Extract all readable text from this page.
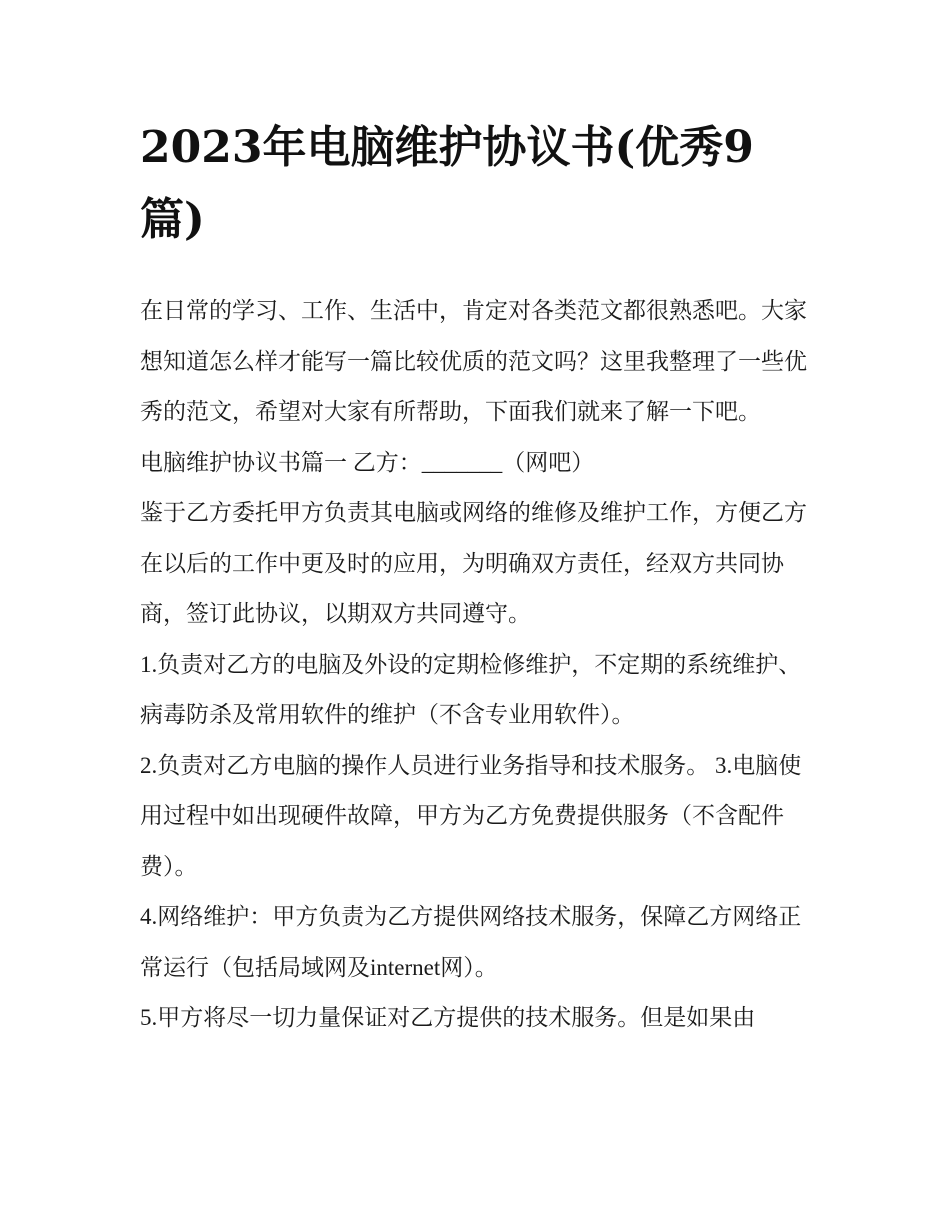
2023年电脑维护协议书(优秀9篇)

在日常的学习、工作、生活中，肯定对各类范文都很熟悉吧。大家想知道怎么样才能写一篇比较优质的范文吗？这里我整理了一些优秀的范文，希望对大家有所帮助，下面我们就来了解一下吧。

电脑维护协议书篇一 乙方：_______（网吧）

鉴于乙方委托甲方负责其电脑或网络的维修及维护工作，方便乙方在以后的工作中更及时的应用，为明确双方责任，经双方共同协商，签订此协议，以期双方共同遵守。

1.负责对乙方的电脑及外设的定期检修维护，不定期的系统维护、病毒防杀及常用软件的维护（不含专业用软件）。

2.负责对乙方电脑的操作人员进行业务指导和技术服务。 3.电脑使用过程中如出现硬件故障，甲方为乙方免费提供服务（不含配件费）。

4.网络维护：甲方负责为乙方提供网络技术服务，保障乙方网络正常运行（包括局域网及internet网）。

5.甲方将尽一切力量保证对乙方提供的技术服务。但是如果由
